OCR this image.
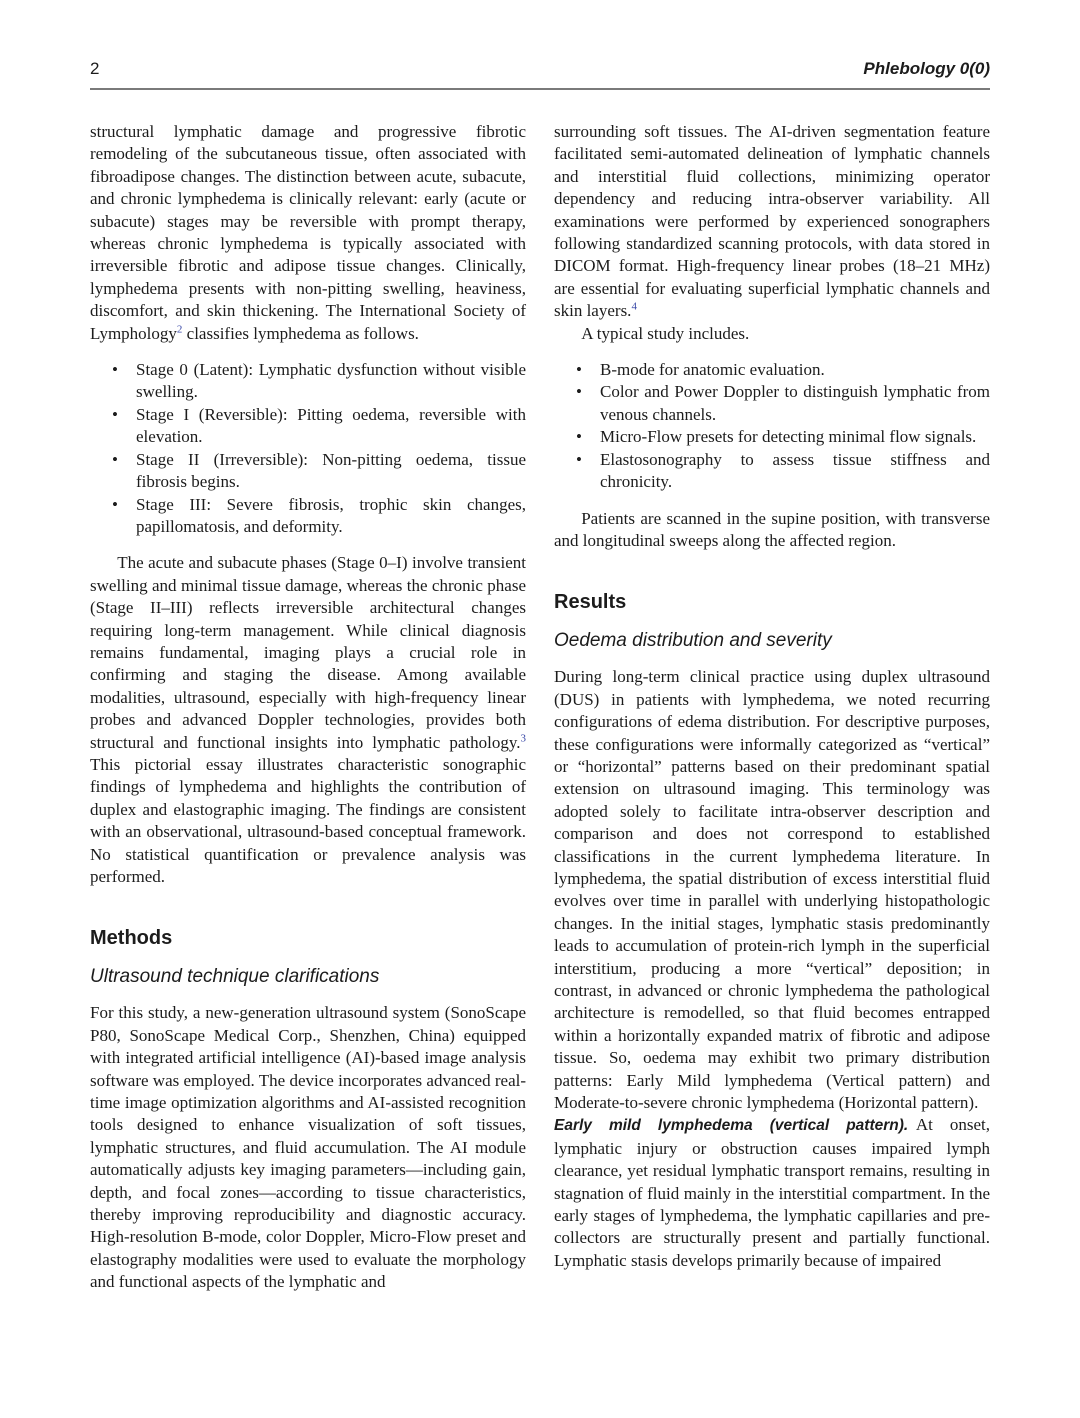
2	Phlebology 0(0)

structural lymphatic damage and progressive fibrotic remodeling of the subcutaneous tissue, often associated with fibroadipose changes. The distinction between acute, subacute, and chronic lymphedema is clinically relevant: early (acute or subacute) stages may be reversible with prompt therapy, whereas chronic lymphedema is typically associated with irreversible fibrotic and adipose tissue changes. Clinically, lymphedema presents with non-pitting swelling, heaviness, discomfort, and skin thickening. The International Society of Lymphology$^2$ classifies lymphedema as follows.

• Stage 0 (Latent): Lymphatic dysfunction without visible swelling.
• Stage I (Reversible): Pitting oedema, reversible with elevation.
• Stage II (Irreversible): Non-pitting oedema, tissue fibrosis begins.
• Stage III: Severe fibrosis, trophic skin changes, papillomatosis, and deformity.

The acute and subacute phases (Stage 0–I) involve transient swelling and minimal tissue damage, whereas the chronic phase (Stage II–III) reflects irreversible architectural changes requiring long-term management. While clinical diagnosis remains fundamental, imaging plays a crucial role in confirming and staging the disease. Among available modalities, ultrasound, especially with high-frequency linear probes and advanced Doppler technologies, provides both structural and functional insights into lymphatic pathology.$^3$ This pictorial essay illustrates characteristic sonographic findings of lymphedema and highlights the contribution of duplex and elastographic imaging. The findings are consistent with an observational, ultrasound-based conceptual framework. No statistical quantification or prevalence analysis was performed.

Methods
Ultrasound technique clarifications

For this study, a new-generation ultrasound system (SonoScape P80, SonoScape Medical Corp., Shenzhen, China) equipped with integrated artificial intelligence (AI)-based image analysis software was employed. The device incorporates advanced real-time image optimization algorithms and AI-assisted recognition tools designed to enhance visualization of soft tissues, lymphatic structures, and fluid accumulation. The AI module automatically adjusts key imaging parameters—including gain, depth, and focal zones—according to tissue characteristics, thereby improving reproducibility and diagnostic accuracy. High-resolution B-mode, color Doppler, Micro-Flow preset and elastography modalities were used to evaluate the morphology and functional aspects of the lymphatic and

surrounding soft tissues. The AI-driven segmentation feature facilitated semi-automated delineation of lymphatic channels and interstitial fluid collections, minimizing operator dependency and reducing intra-observer variability. All examinations were performed by experienced sonographers following standardized scanning protocols, with data stored in DICOM format. High-frequency linear probes (18–21 MHz) are essential for evaluating superficial lymphatic channels and skin layers.$^4$

A typical study includes.

• B-mode for anatomic evaluation.
• Color and Power Doppler to distinguish lymphatic from venous channels.
• Micro-Flow presets for detecting minimal flow signals.
• Elastosonography to assess tissue stiffness and chronicity.

Patients are scanned in the supine position, with transverse and longitudinal sweeps along the affected region.

Results
Oedema distribution and severity

During long-term clinical practice using duplex ultrasound (DUS) in patients with lymphedema, we noted recurring configurations of edema distribution. For descriptive purposes, these configurations were informally categorized as “vertical” or “horizontal” patterns based on their predominant spatial extension on ultrasound imaging. This terminology was adopted solely to facilitate intra-observer description and comparison and does not correspond to established classifications in the current lymphedema literature. In lymphedema, the spatial distribution of excess interstitial fluid evolves over time in parallel with underlying histopathologic changes. In the initial stages, lymphatic stasis predominantly leads to accumulation of protein-rich lymph in the superficial interstitium, producing a more “vertical” deposition; in contrast, in advanced or chronic lymphedema the pathological architecture is remodelled, so that fluid becomes entrapped within a horizontally expanded matrix of fibrotic and adipose tissue. So, oedema may exhibit two primary distribution patterns: Early Mild lymphedema (Vertical pattern) and Moderate-to-severe chronic lymphedema (Horizontal pattern).

Early mild lymphedema (vertical pattern). At onset, lymphatic injury or obstruction causes impaired lymph clearance, yet residual lymphatic transport remains, resulting in stagnation of fluid mainly in the interstitial compartment. In the early stages of lymphedema, the lymphatic capillaries and pre-collectors are structurally present and partially functional. Lymphatic stasis develops primarily because of impaired
